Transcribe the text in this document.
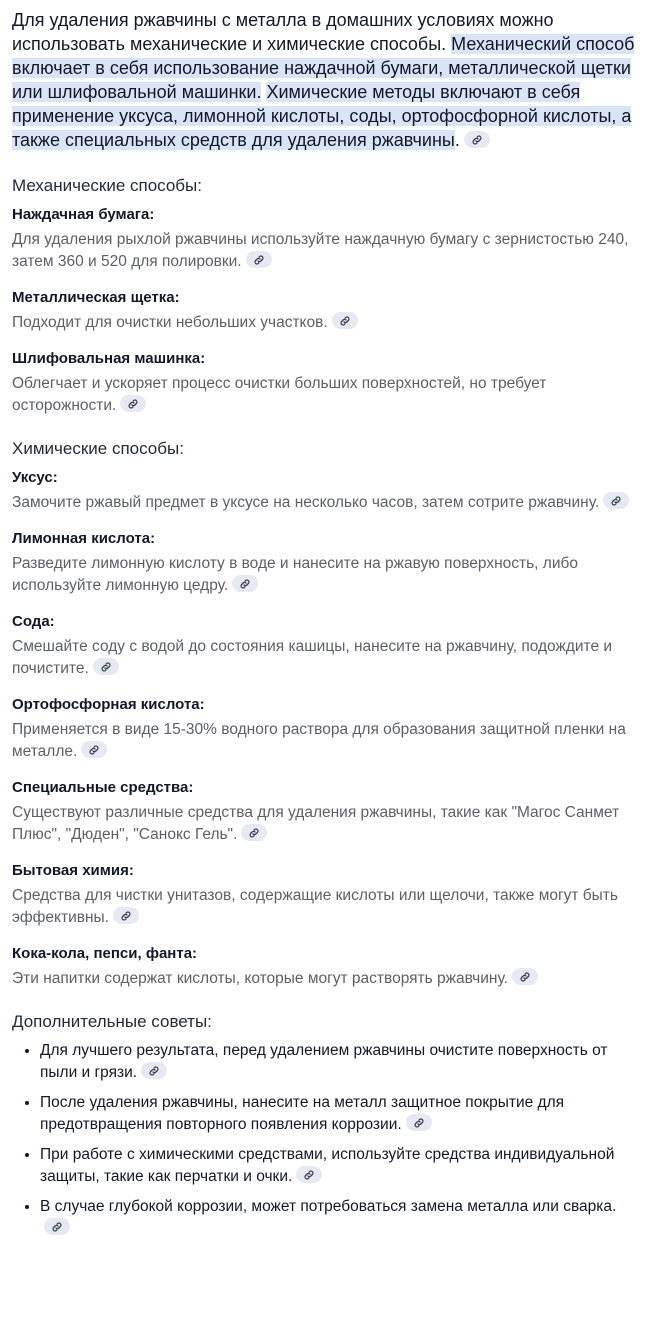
Для удаления ржавчины с металла в домашних условиях можно использовать механические и химические способы. Механический способ включает в себя использование наждачной бумаги, металлической щетки или шлифовальной машинки. Химические методы включают в себя применение уксуса, лимонной кислоты, соды, ортофосфорной кислоты, а также специальных средств для удаления ржавчины.

Механические способы:
Наждачная бумага:

Для удаления рыхлой ржавчины используйте наждачную бумагу с зернистостью 240, затем 360 и 520 для полировки.

Металлическая щетка:

Подходит для очистки небольших участков.

Шлифовальная машинка:

Облегчает и ускоряет процесс очистки больших поверхностей, но требует осторожности.

Химические способы:
Уксус:

Замочите ржавый предмет в уксусе на несколько часов, затем сотрите ржавчину.

Лимонная кислота:

Разведите лимонную кислоту в воде и нанесите на ржавую поверхность, либо используйте лимонную цедру.

Сода:

Смешайте соду с водой до состояния кашицы, нанесите на ржавчину, подождите и почистите.

Ортофосфорная кислота:

Применяется в виде 15-30% водного раствора для образования защитной пленки на металле.

Специальные средства:

Существуют различные средства для удаления ржавчины, такие как "Магос Санмет Плюс", "Дюден", "Санокс Гель".

Бытовая химия:

Средства для чистки унитазов, содержащие кислоты или щелочи, также могут быть эффективны.

Кока-кола, пепси, фанта:

Эти напитки содержат кислоты, которые могут растворять ржавчину.

Дополнительные советы:
• Для лучшего результата, перед удалением ржавчины очистите поверхность от пыли и грязи.
• После удаления ржавчины, нанесите на металл защитное покрытие для предотвращения повторного появления коррозии.
• При работе с химическими средствами, используйте средства индивидуальной защиты, такие как перчатки и очки.
• В случае глубокой коррозии, может потребоваться замена металла или сварка.
